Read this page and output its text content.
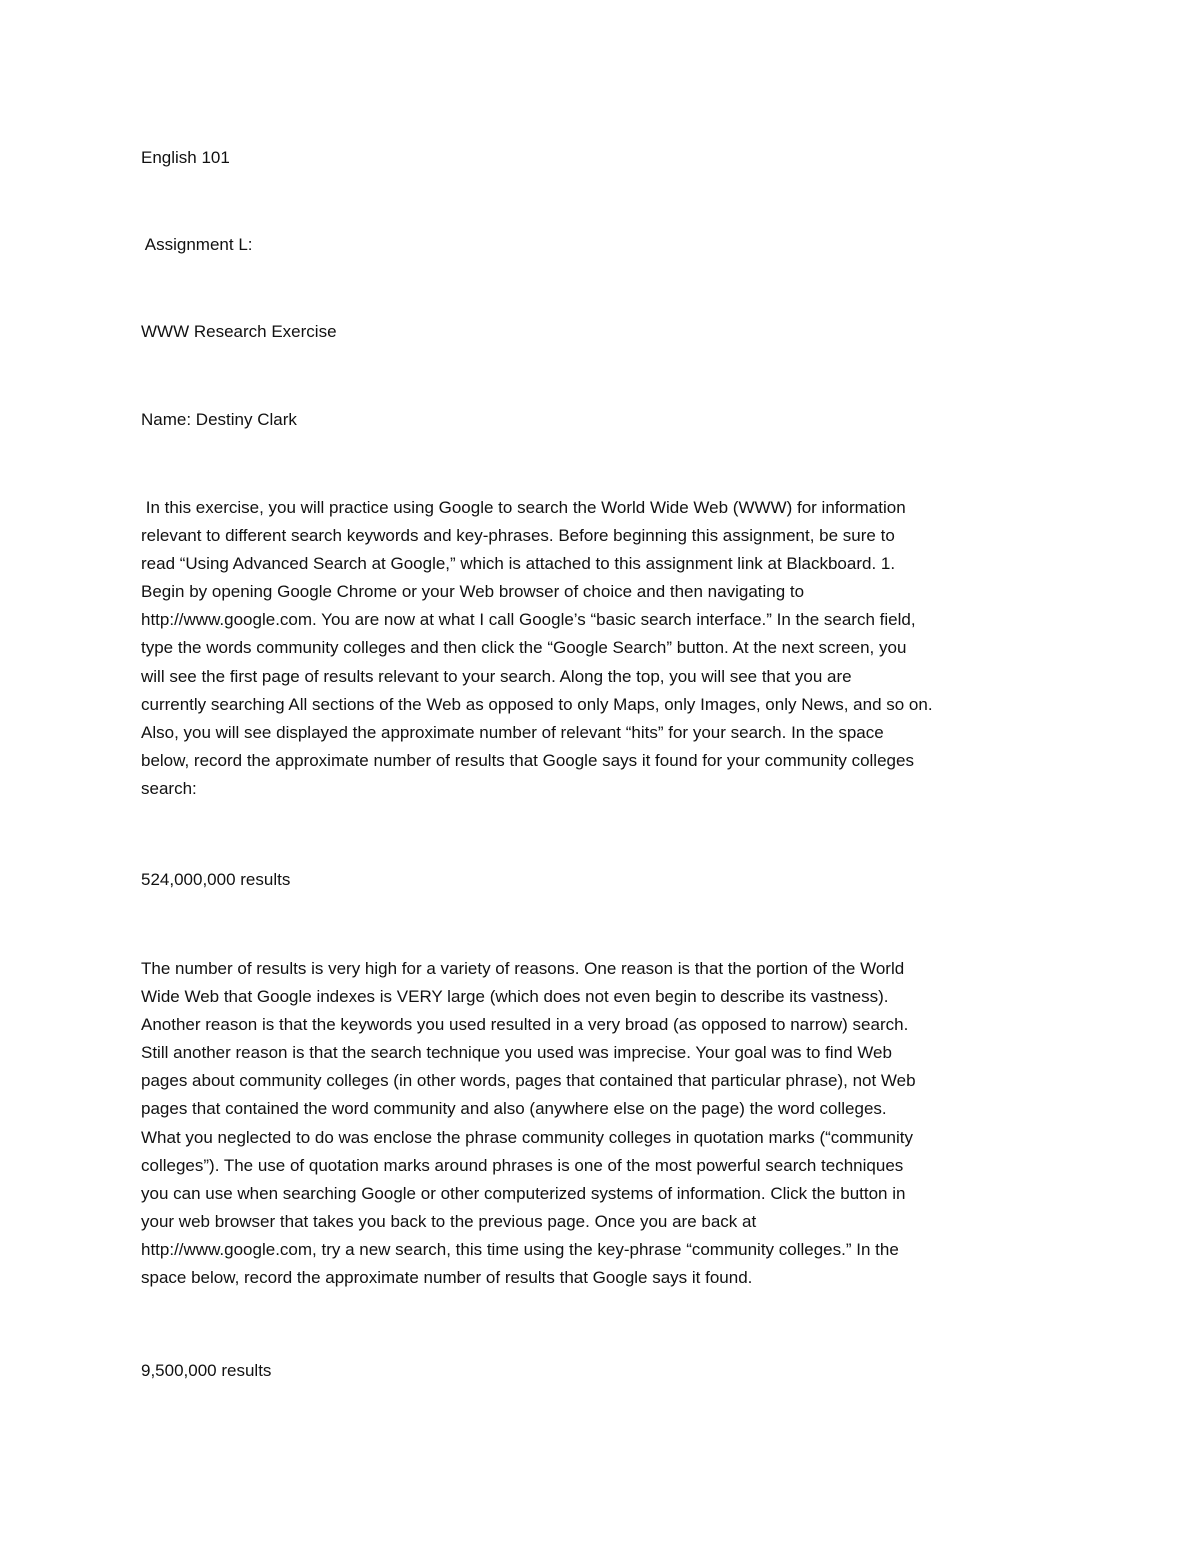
English 101

Assignment L:

WWW Research Exercise

Name: Destiny Clark

In this exercise, you will practice using Google to search the World Wide Web (WWW) for information
relevant to different search keywords and key-phrases. Before beginning this assignment, be sure to
read “Using Advanced Search at Google,” which is attached to this assignment link at Blackboard. 1.
Begin by opening Google Chrome or your Web browser of choice and then navigating to
http://www.google.com. You are now at what I call Google’s “basic search interface.” In the search field,
type the words community colleges and then click the “Google Search” button. At the next screen, you
will see the first page of results relevant to your search. Along the top, you will see that you are
currently searching All sections of the Web as opposed to only Maps, only Images, only News, and so on.
Also, you will see displayed the approximate number of relevant “hits” for your search. In the space
below, record the approximate number of results that Google says it found for your community colleges
search:

524,000,000 results

The number of results is very high for a variety of reasons. One reason is that the portion of the World
Wide Web that Google indexes is VERY large (which does not even begin to describe its vastness).
Another reason is that the keywords you used resulted in a very broad (as opposed to narrow) search.
Still another reason is that the search technique you used was imprecise. Your goal was to find Web
pages about community colleges (in other words, pages that contained that particular phrase), not Web
pages that contained the word community and also (anywhere else on the page) the word colleges.
What you neglected to do was enclose the phrase community colleges in quotation marks (“community
colleges”). The use of quotation marks around phrases is one of the most powerful search techniques
you can use when searching Google or other computerized systems of information. Click the button in
your web browser that takes you back to the previous page. Once you are back at
http://www.google.com, try a new search, this time using the key-phrase “community colleges.” In the
space below, record the approximate number of results that Google says it found.

9,500,000 results
